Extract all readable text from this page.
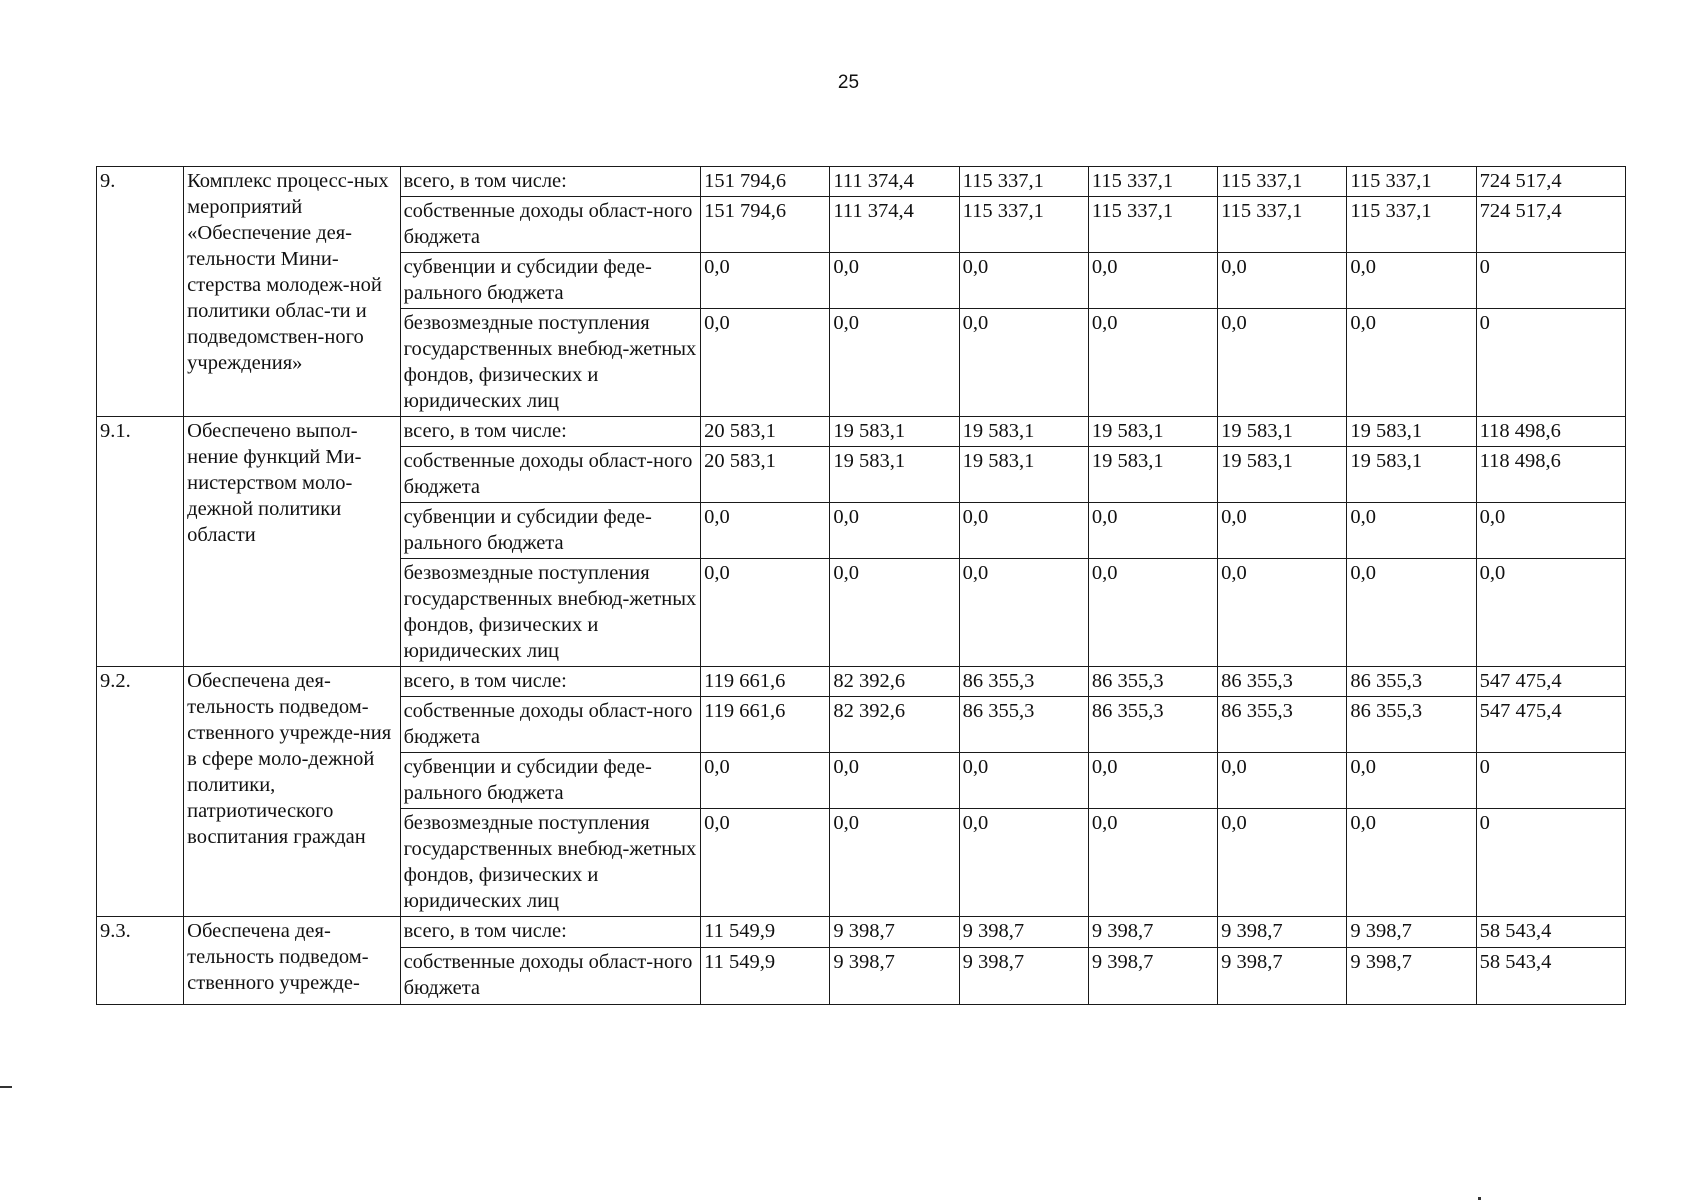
25
9.	Комплекс процесс-ных мероприятий «Обеспечение дея-тельности Мини-стерства молодеж-ной политики облас-ти и подведомствен-ного учреждения»	всего, в том числе:	151 794,6	111 374,4	115 337,1	115 337,1	115 337,1	115 337,1	724 517,4
		собственные доходы област-ного бюджета	151 794,6	111 374,4	115 337,1	115 337,1	115 337,1	115 337,1	724 517,4
		субвенции и субсидии феде-рального бюджета	0,0	0,0	0,0	0,0	0,0	0,0	0
		безвозмездные поступления государственных внебюд-жетных фондов, физических и юридических лиц	0,0	0,0	0,0	0,0	0,0	0,0	0
9.1.	Обеспечено выпол-нение функций Ми-нистерством моло-дежной политики области	всего, в том числе:	20 583,1	19 583,1	19 583,1	19 583,1	19 583,1	19 583,1	118 498,6
		собственные доходы област-ного бюджета	20 583,1	19 583,1	19 583,1	19 583,1	19 583,1	19 583,1	118 498,6
		субвенции и субсидии феде-рального бюджета	0,0	0,0	0,0	0,0	0,0	0,0	0,0
		безвозмездные поступления государственных внебюд-жетных фондов, физических и юридических лиц	0,0	0,0	0,0	0,0	0,0	0,0	0,0
9.2.	Обеспечена дея-тельность подведом-ственного учрежде-ния в сфере моло-дежной политики, патриотического воспитания граждан	всего, в том числе:	119 661,6	82 392,6	86 355,3	86 355,3	86 355,3	86 355,3	547 475,4
		собственные доходы област-ного бюджета	119 661,6	82 392,6	86 355,3	86 355,3	86 355,3	86 355,3	547 475,4
		субвенции и субсидии феде-рального бюджета	0,0	0,0	0,0	0,0	0,0	0,0	0
		безвозмездные поступления государственных внебюд-жетных фондов, физических и юридических лиц	0,0	0,0	0,0	0,0	0,0	0,0	0
9.3.	Обеспечена дея-тельность подведом-ственного учрежде-	всего, в том числе:	11 549,9	9 398,7	9 398,7	9 398,7	9 398,7	9 398,7	58 543,4
		собственные доходы област-ного бюджета	11 549,9	9 398,7	9 398,7	9 398,7	9 398,7	9 398,7	58 543,4
